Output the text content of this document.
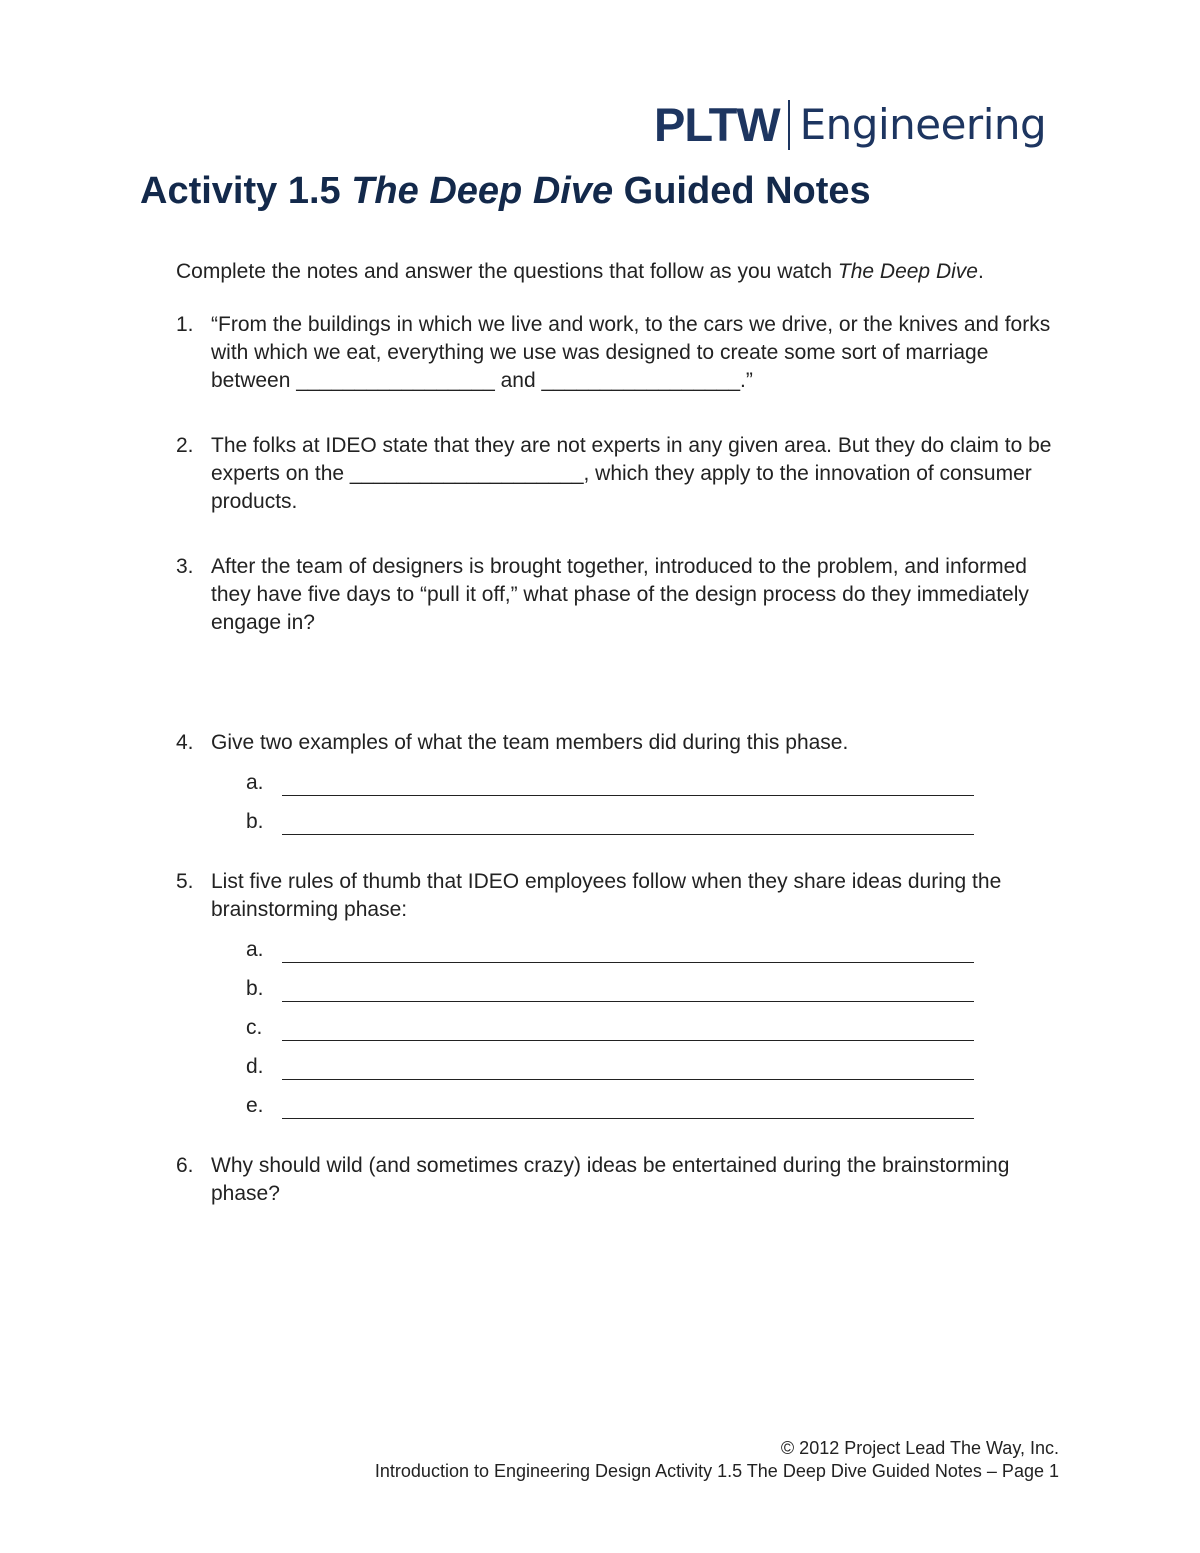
PLTW Engineering
Activity 1.5 The Deep Dive Guided Notes

Complete the notes and answer the questions that follow as you watch The Deep Dive.

1. “From the buildings in which we live and work, to the cars we drive, or the knives and forks with which we eat, everything we use was designed to create some sort of marriage between _________________ and _________________.”
2. The folks at IDEO state that they are not experts in any given area. But they do claim to be experts on the ____________________, which they apply to the innovation of consumer products.
3. After the team of designers is brought together, introduced to the problem, and informed they have five days to “pull it off,” what phase of the design process do they immediately engage in?
4. Give two examples of what the team members did during this phase.
a.
b.
5. List five rules of thumb that IDEO employees follow when they share ideas during the brainstorming phase:
a.
b.
c.
d.
e.
6. Why should wild (and sometimes crazy) ideas be entertained during the brainstorming phase?
© 2012 Project Lead The Way, Inc.
Introduction to Engineering Design Activity 1.5 The Deep Dive Guided Notes – Page 1
